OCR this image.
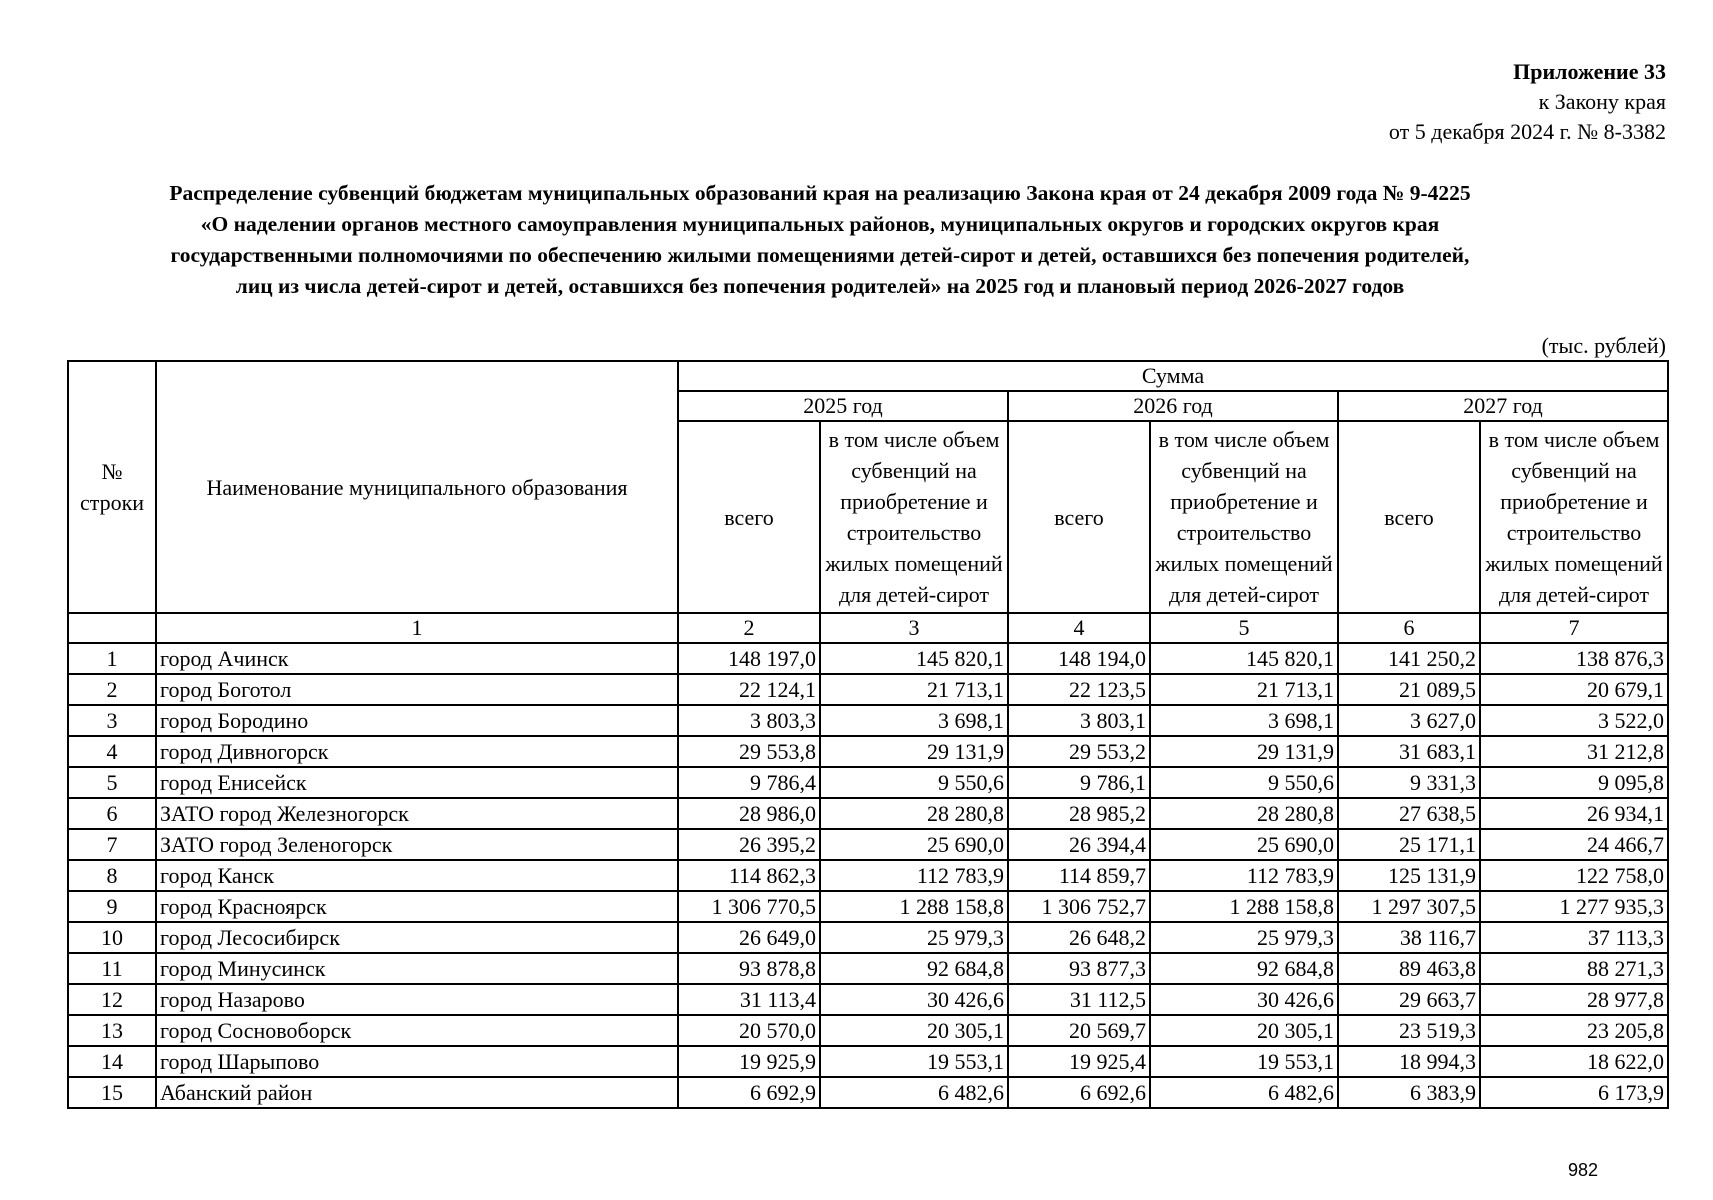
Приложение 33
к Закону края
от 5 декабря 2024 г. № 8-3382
Распределение субвенций бюджетам муниципальных образований края на реализацию Закона края от 24 декабря 2009 года № 9-4225
«О наделении органов местного самоуправления муниципальных районов, муниципальных округов и городских округов края
государственными полномочиями по обеспечению жилыми помещениями детей-сирот и детей, оставшихся без попечения родителей,
лиц из числа детей-сирот и детей, оставшихся без попечения родителей» на 2025 год и плановый период 2026-2027 годов
(тыс. рублей)
№ строки	Наименование муниципального образования	Сумма					
		2025 год		2026 год		2027 год	
		всего	в том числе объем субвенций на приобретение и строительство жилых помещений для детей-сирот	всего	в том числе объем субвенций на приобретение и строительство жилых помещений для детей-сирот	всего	в том числе объем субвенций на приобретение и строительство жилых помещений для детей-сирот
	1	2	3	4	5	6	7
1	город Ачинск	148 197,0	145 820,1	148 194,0	145 820,1	141 250,2	138 876,3
2	город Боготол	22 124,1	21 713,1	22 123,5	21 713,1	21 089,5	20 679,1
3	город Бородино	3 803,3	3 698,1	3 803,1	3 698,1	3 627,0	3 522,0
4	город Дивногорск	29 553,8	29 131,9	29 553,2	29 131,9	31 683,1	31 212,8
5	город Енисейск	9 786,4	9 550,6	9 786,1	9 550,6	9 331,3	9 095,8
6	ЗАТО город Железногорск	28 986,0	28 280,8	28 985,2	28 280,8	27 638,5	26 934,1
7	ЗАТО город Зеленогорск	26 395,2	25 690,0	26 394,4	25 690,0	25 171,1	24 466,7
8	город Канск	114 862,3	112 783,9	114 859,7	112 783,9	125 131,9	122 758,0
9	город Красноярск	1 306 770,5	1 288 158,8	1 306 752,7	1 288 158,8	1 297 307,5	1 277 935,3
10	город Лесосибирск	26 649,0	25 979,3	26 648,2	25 979,3	38 116,7	37 113,3
11	город Минусинск	93 878,8	92 684,8	93 877,3	92 684,8	89 463,8	88 271,3
12	город Назарово	31 113,4	30 426,6	31 112,5	30 426,6	29 663,7	28 977,8
13	город Сосновоборск	20 570,0	20 305,1	20 569,7	20 305,1	23 519,3	23 205,8
14	город Шарыпово	19 925,9	19 553,1	19 925,4	19 553,1	18 994,3	18 622,0
15	Абанский район	6 692,9	6 482,6	6 692,6	6 482,6	6 383,9	6 173,9
982
